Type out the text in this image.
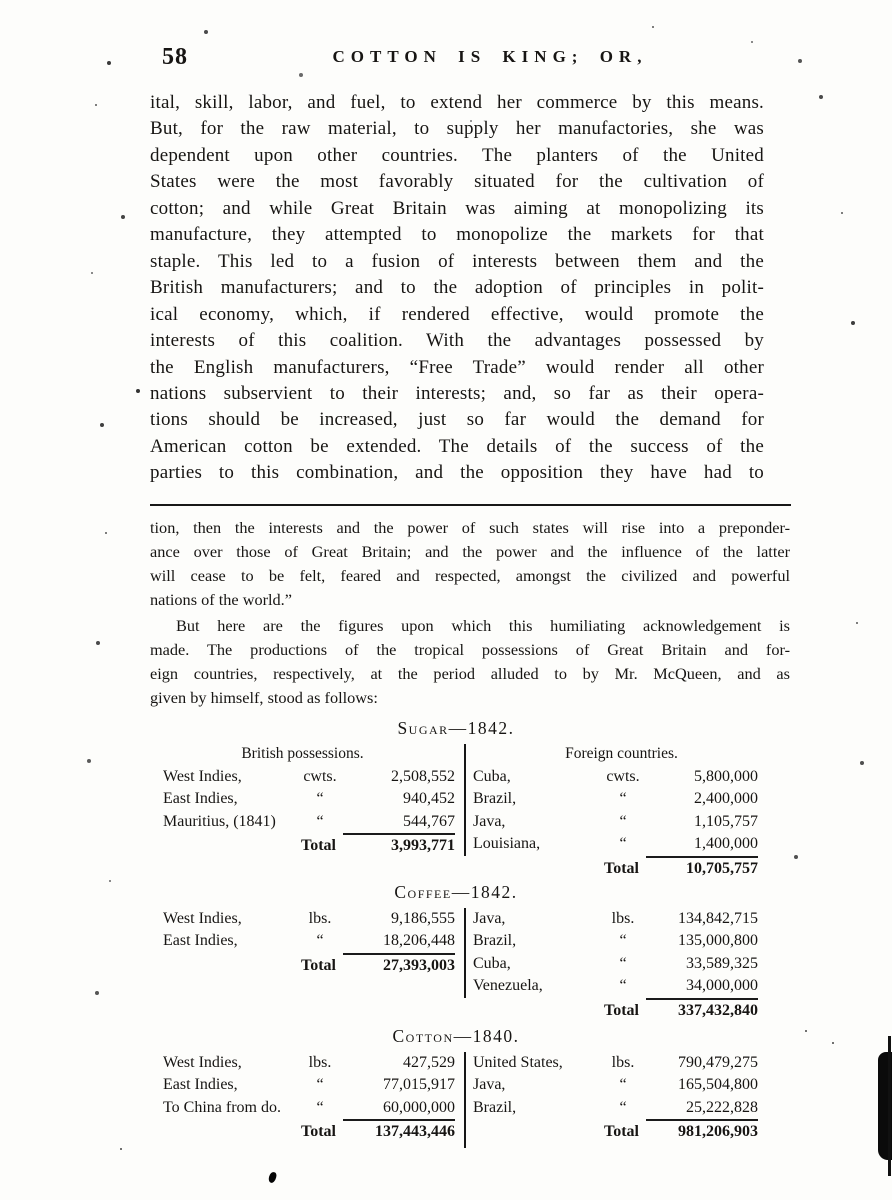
58	COTTON IS KING; OR,
ital, skill, labor, and fuel, to extend her commerce by this means.
But, for the raw material, to supply her manufactories, she was
dependent upon other countries. The planters of the United
States were the most favorably situated for the cultivation of
cotton; and while Great Britain was aiming at monopolizing its
manufacture, they attempted to monopolize the markets for that
staple. This led to a fusion of interests between them and the
British manufacturers; and to the adoption of principles in polit-
ical economy, which, if rendered effective, would promote the
interests of this coalition. With the advantages possessed by
the English manufacturers, “Free Trade” would render all other
nations subservient to their interests; and, so far as their opera-
tions should be increased, just so far would the demand for
American cotton be extended. The details of the success of the
parties to this combination, and the opposition they have had to
tion, then the interests and the power of such states will rise into a preponder-
ance over those of Great Britain; and the power and the influence of the latter
will cease to be felt, feared and respected, amongst the civilized and powerful
nations of the world.”
But here are the figures upon which this humiliating acknowledgement is
made. The productions of the tropical possessions of Great Britain and for-
eign countries, respectively, at the period alluded to by Mr. McQueen, and as
given by himself, stood as follows:
Sugar—1842.
British possessions.	Foreign countries.
West Indies,	cwts.	2,508,552
East Indies,	“	940,452
Mauritius, (1841)	“	544,767
Total	3,993,771
Cuba,	cwts.	5,800,000
Brazil,	“	2,400,000
Java,	“	1,105,757
Louisiana,	“	1,400,000
Total	10,705,757
Coffee—1842.
West Indies,	lbs.	9,186,555
East Indies,	“	18,206,448
Total	27,393,003
Java,	lbs.	134,842,715
Brazil,	“	135,000,800
Cuba,	“	33,589,325
Venezuela,	“	34,000,000
Total	337,432,840
Cotton—1840.
West Indies,	lbs.	427,529
East Indies,	“	77,015,917
To China from do.	“	60,000,000
Total	137,443,446
United States,	lbs.	790,479,275
Java,	“	165,504,800
Brazil,	“	25,222,828
Total	981,206,903
